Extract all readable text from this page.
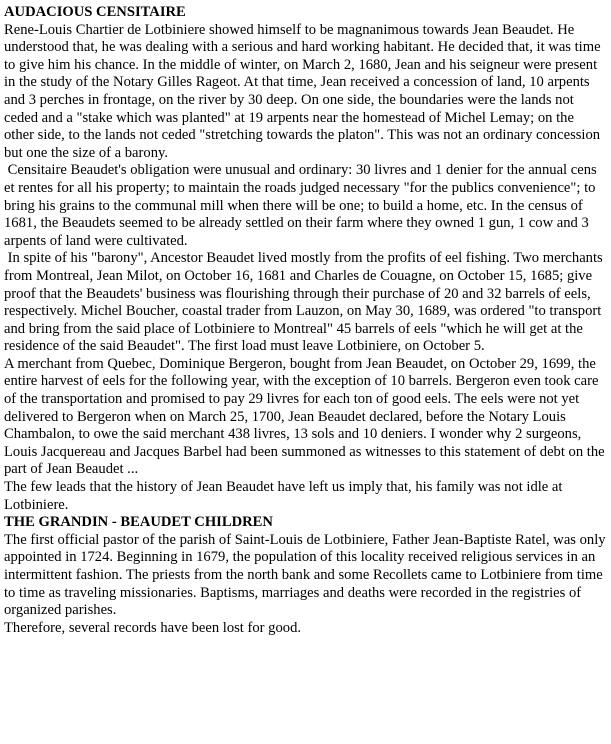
AUDACIOUS CENSITAIRE

Rene-Louis Chartier de Lotbiniere showed himself to be magnanimous towards Jean Beaudet. He understood that, he was dealing with a serious and hard working habitant. He decided that, it was time to give him his chance. In the middle of winter, on March 2, 1680, Jean and his seigneur were present in the study of the Notary Gilles Rageot. At that time, Jean received a concession of land, 10 arpents and 3 perches in frontage, on the river by 30 deep. On one side, the boundaries were the lands not ceded and a "stake which was planted" at 19 arpents near the homestead of Michel Lemay; on the other side, to the lands not ceded "stretching towards the platon". This was not an ordinary concession but one the size of a barony.

Censitaire Beaudet's obligation were unusual and ordinary: 30 livres and 1 denier for the annual cens et rentes for all his property; to maintain the roads judged necessary "for the publics convenience"; to bring his grains to the communal mill when there will be one; to build a home, etc. In the census of 1681, the Beaudets seemed to be already settled on their farm where they owned 1 gun, 1 cow and 3 arpents of land were cultivated.

In spite of his "barony", Ancestor Beaudet lived mostly from the profits of eel fishing. Two merchants from Montreal, Jean Milot, on October 16, 1681 and Charles de Couagne, on October 15, 1685; give proof that the Beaudets' business was flourishing through their purchase of 20 and 32 barrels of eels, respectively. Michel Boucher, coastal trader from Lauzon, on May 30, 1689, was ordered "to transport and bring from the said place of Lotbiniere to Montreal" 45 barrels of eels "which he will get at the residence of the said Beaudet". The first load must leave Lotbiniere, on October 5.

A merchant from Quebec, Dominique Bergeron, bought from Jean Beaudet, on October 29, 1699, the entire harvest of eels for the following year, with the exception of 10 barrels. Bergeron even took care of the transportation and promised to pay 29 livres for each ton of good eels. The eels were not yet delivered to Bergeron when on March 25, 1700, Jean Beaudet declared, before the Notary Louis Chambalon, to owe the said merchant 438 livres, 13 sols and 10 deniers. I wonder why 2 surgeons, Louis Jacquereau and Jacques Barbel had been summoned as witnesses to this statement of debt on the part of Jean Beaudet ...

The few leads that the history of Jean Beaudet have left us imply that, his family was not idle at Lotbiniere.

THE GRANDIN - BEAUDET CHILDREN

The first official pastor of the parish of Saint-Louis de Lotbiniere, Father Jean-Baptiste Ratel, was only appointed in 1724. Beginning in 1679, the population of this locality received religious services in an intermittent fashion. The priests from the north bank and some Recollets came to Lotbiniere from time to time as traveling missionaries. Baptisms, marriages and deaths were recorded in the registries of organized parishes.

Therefore, several records have been lost for good.
